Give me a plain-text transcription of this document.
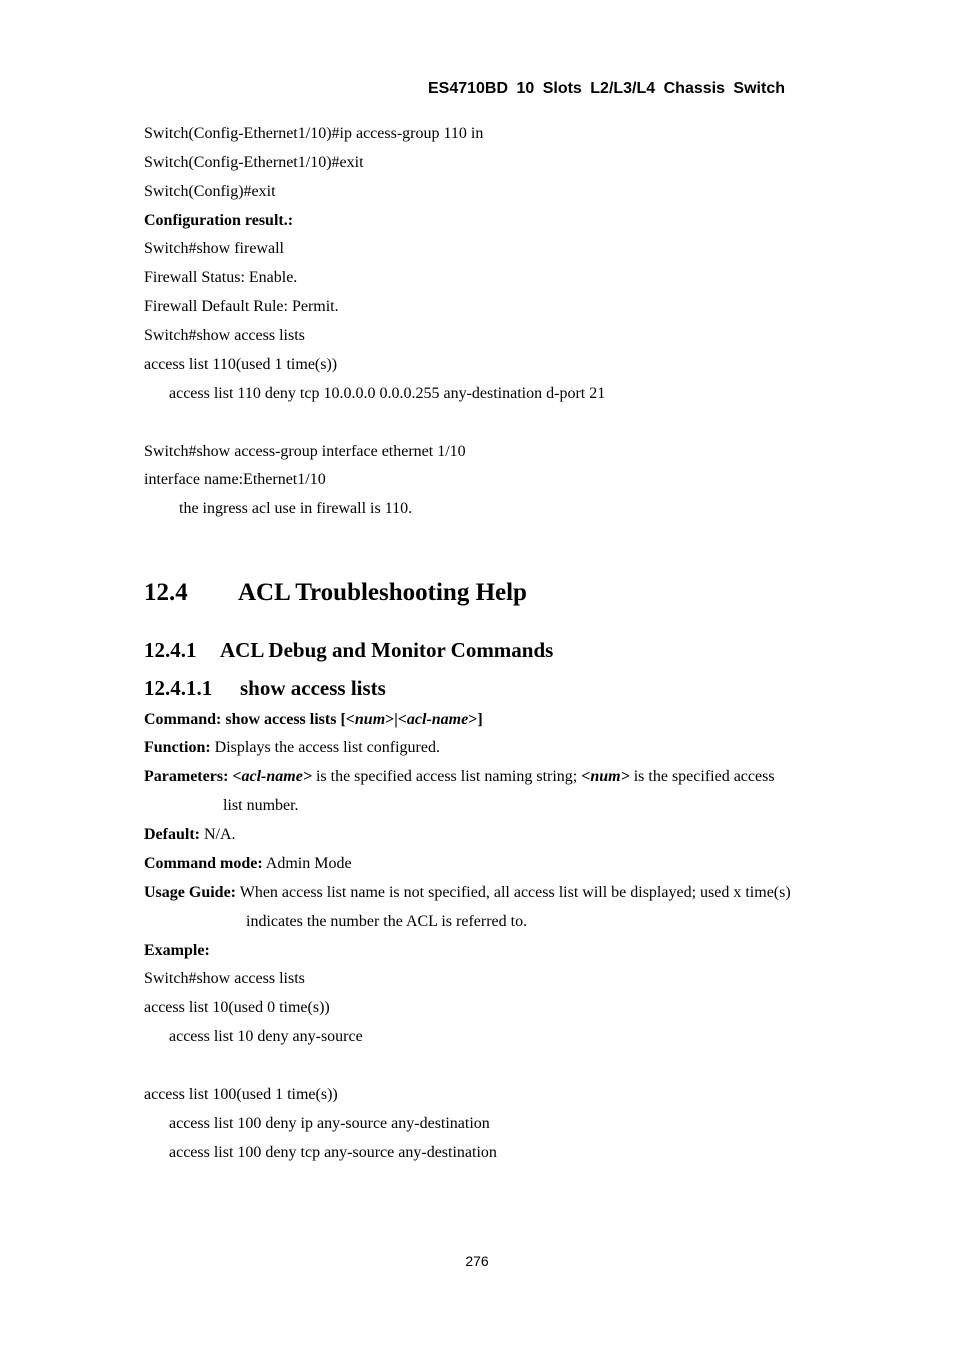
ES4710BD 10 Slots L2/L3/L4 Chassis Switch
Switch(Config-Ethernet1/10)#ip access-group 110 in
Switch(Config-Ethernet1/10)#exit
Switch(Config)#exit
Configuration result.:
Switch#show firewall
Firewall Status: Enable.
Firewall Default Rule: Permit.
Switch#show access lists
access list 110(used 1 time(s))
access list 110 deny tcp 10.0.0.0 0.0.0.255 any-destination d-port 21
Switch#show access-group interface ethernet 1/10
interface name:Ethernet1/10
the ingress acl use in firewall is 110.
12.4 ACL Troubleshooting Help
12.4.1 ACL Debug and Monitor Commands
12.4.1.1 show access lists
Command: show access lists [<num>|<acl-name>]
Function: Displays the access list configured.
Parameters: <acl-name> is the specified access list naming string; <num> is the specified access
list number.
Default: N/A.
Command mode: Admin Mode
Usage Guide: When access list name is not specified, all access list will be displayed; used x time(s)
indicates the number the ACL is referred to.
Example:
Switch#show access lists
access list 10(used 0 time(s))
access list 10 deny any-source
access list 100(used 1 time(s))
access list 100 deny ip any-source any-destination
access list 100 deny tcp any-source any-destination
276
